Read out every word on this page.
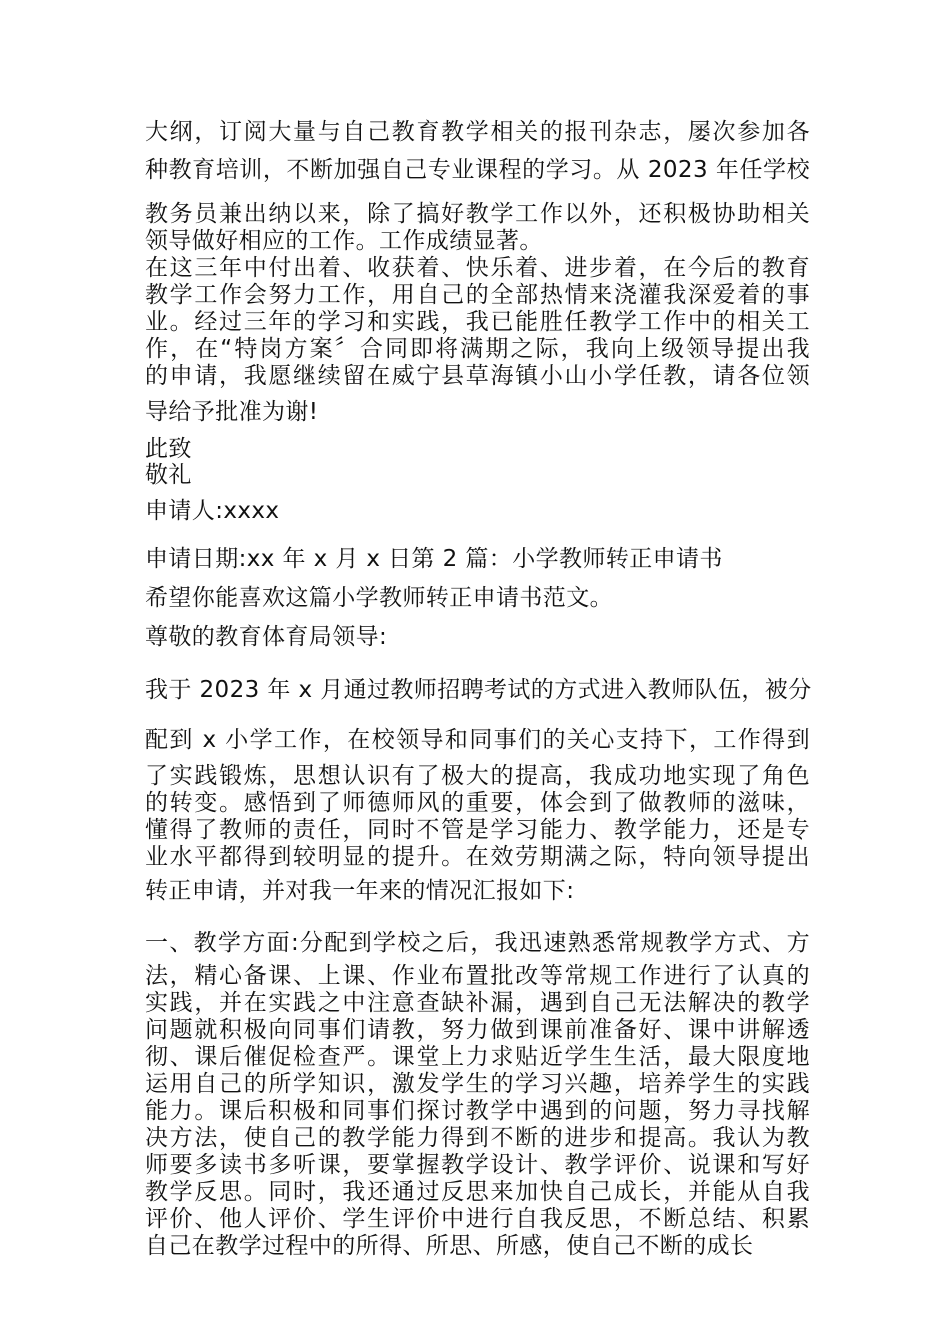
大纲，订阅大量与自己教育教学相关的报刊杂志，屡次参加各
种教育培训，不断加强自己专业课程的学习。从 2023 年任学校
教务员兼出纳以来，除了搞好教学工作以外，还积极协助相关
领导做好相应的工作。工作成绩显著。
在这三年中付出着、收获着、快乐着、进步着，在今后的教育
教学工作会努力工作，用自己的全部热情来浇灌我深爱着的事
业。经过三年的学习和实践，我已能胜任教学工作中的相关工
作，在“特岗方案〞合同即将满期之际，我向上级领导提出我
的申请，我愿继续留在威宁县草海镇小山小学任教，请各位领
导给予批准为谢!
此致
敬礼
申请人:xxxx
申请日期:xx 年 x 月 x 日第 2 篇：小学教师转正申请书
希望你能喜欢这篇小学教师转正申请书范文。
尊敬的教育体育局领导:
我于 2023 年 x 月通过教师招聘考试的方式进入教师队伍，被分
配到 x 小学工作，在校领导和同事们的关心支持下，工作得到
了实践锻炼，思想认识有了极大的提高，我成功地实现了角色
的转变。感悟到了师德师风的重要，体会到了做教师的滋味，
懂得了教师的责任，同时不管是学习能力、教学能力，还是专
业水平都得到较明显的提升。在效劳期满之际，特向领导提出
转正申请，并对我一年来的情况汇报如下:
一、教学方面:分配到学校之后，我迅速熟悉常规教学方式、方
法，精心备课、上课、作业布置批改等常规工作进行了认真的
实践，并在实践之中注意查缺补漏，遇到自己无法解决的教学
问题就积极向同事们请教，努力做到课前准备好、课中讲解透
彻、课后催促检查严。课堂上力求贴近学生生活，最大限度地
运用自己的所学知识，激发学生的学习兴趣，培养学生的实践
能力。课后积极和同事们探讨教学中遇到的问题，努力寻找解
决方法，使自己的教学能力得到不断的进步和提高。我认为教
师要多读书多听课，要掌握教学设计、教学评价、说课和写好
教学反思。同时，我还通过反思来加快自己成长，并能从自我
评价、他人评价、学生评价中进行自我反思，不断总结、积累
自己在教学过程中的所得、所思、所感，使自己不断的成长
